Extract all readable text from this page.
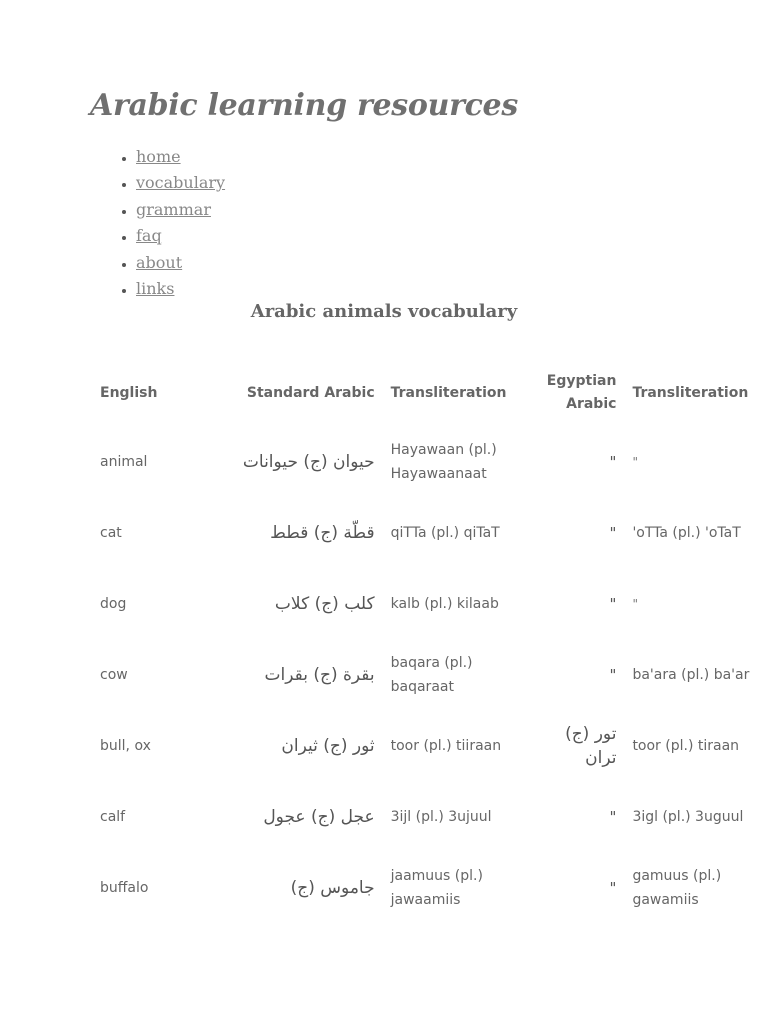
Arabic learning resources
• home
• vocabulary
• grammar
• faq
• about
• links
Arabic animals vocabulary
English	Standard Arabic	Transliteration	Egyptian Arabic	Transliteration
animal	حيوان (ج) حيوانات	Hayawaan (pl.) Hayawaanaat	"	"
cat	قطّة (ج) قطط	qiTTa (pl.) qiTaT	"	'oTTa (pl.) 'oTaT
dog	كلب (ج) كلاب	kalb (pl.) kilaab	"	"
cow	بقرة (ج) بقرات	baqara (pl.) baqaraat	"	ba'ara (pl.) ba'ar
bull, ox	ثور (ج) ثيران	toor (pl.) tiiraan	تور (ج) تران	toor (pl.) tiraan
calf	عجل (ج) عجول	3ijl (pl.) 3ujuul	"	3igl (pl.) 3uguul
buffalo	جاموس (ج)	jaamuus (pl.) jawaamiis	"	gamuus (pl.) gawamiis
